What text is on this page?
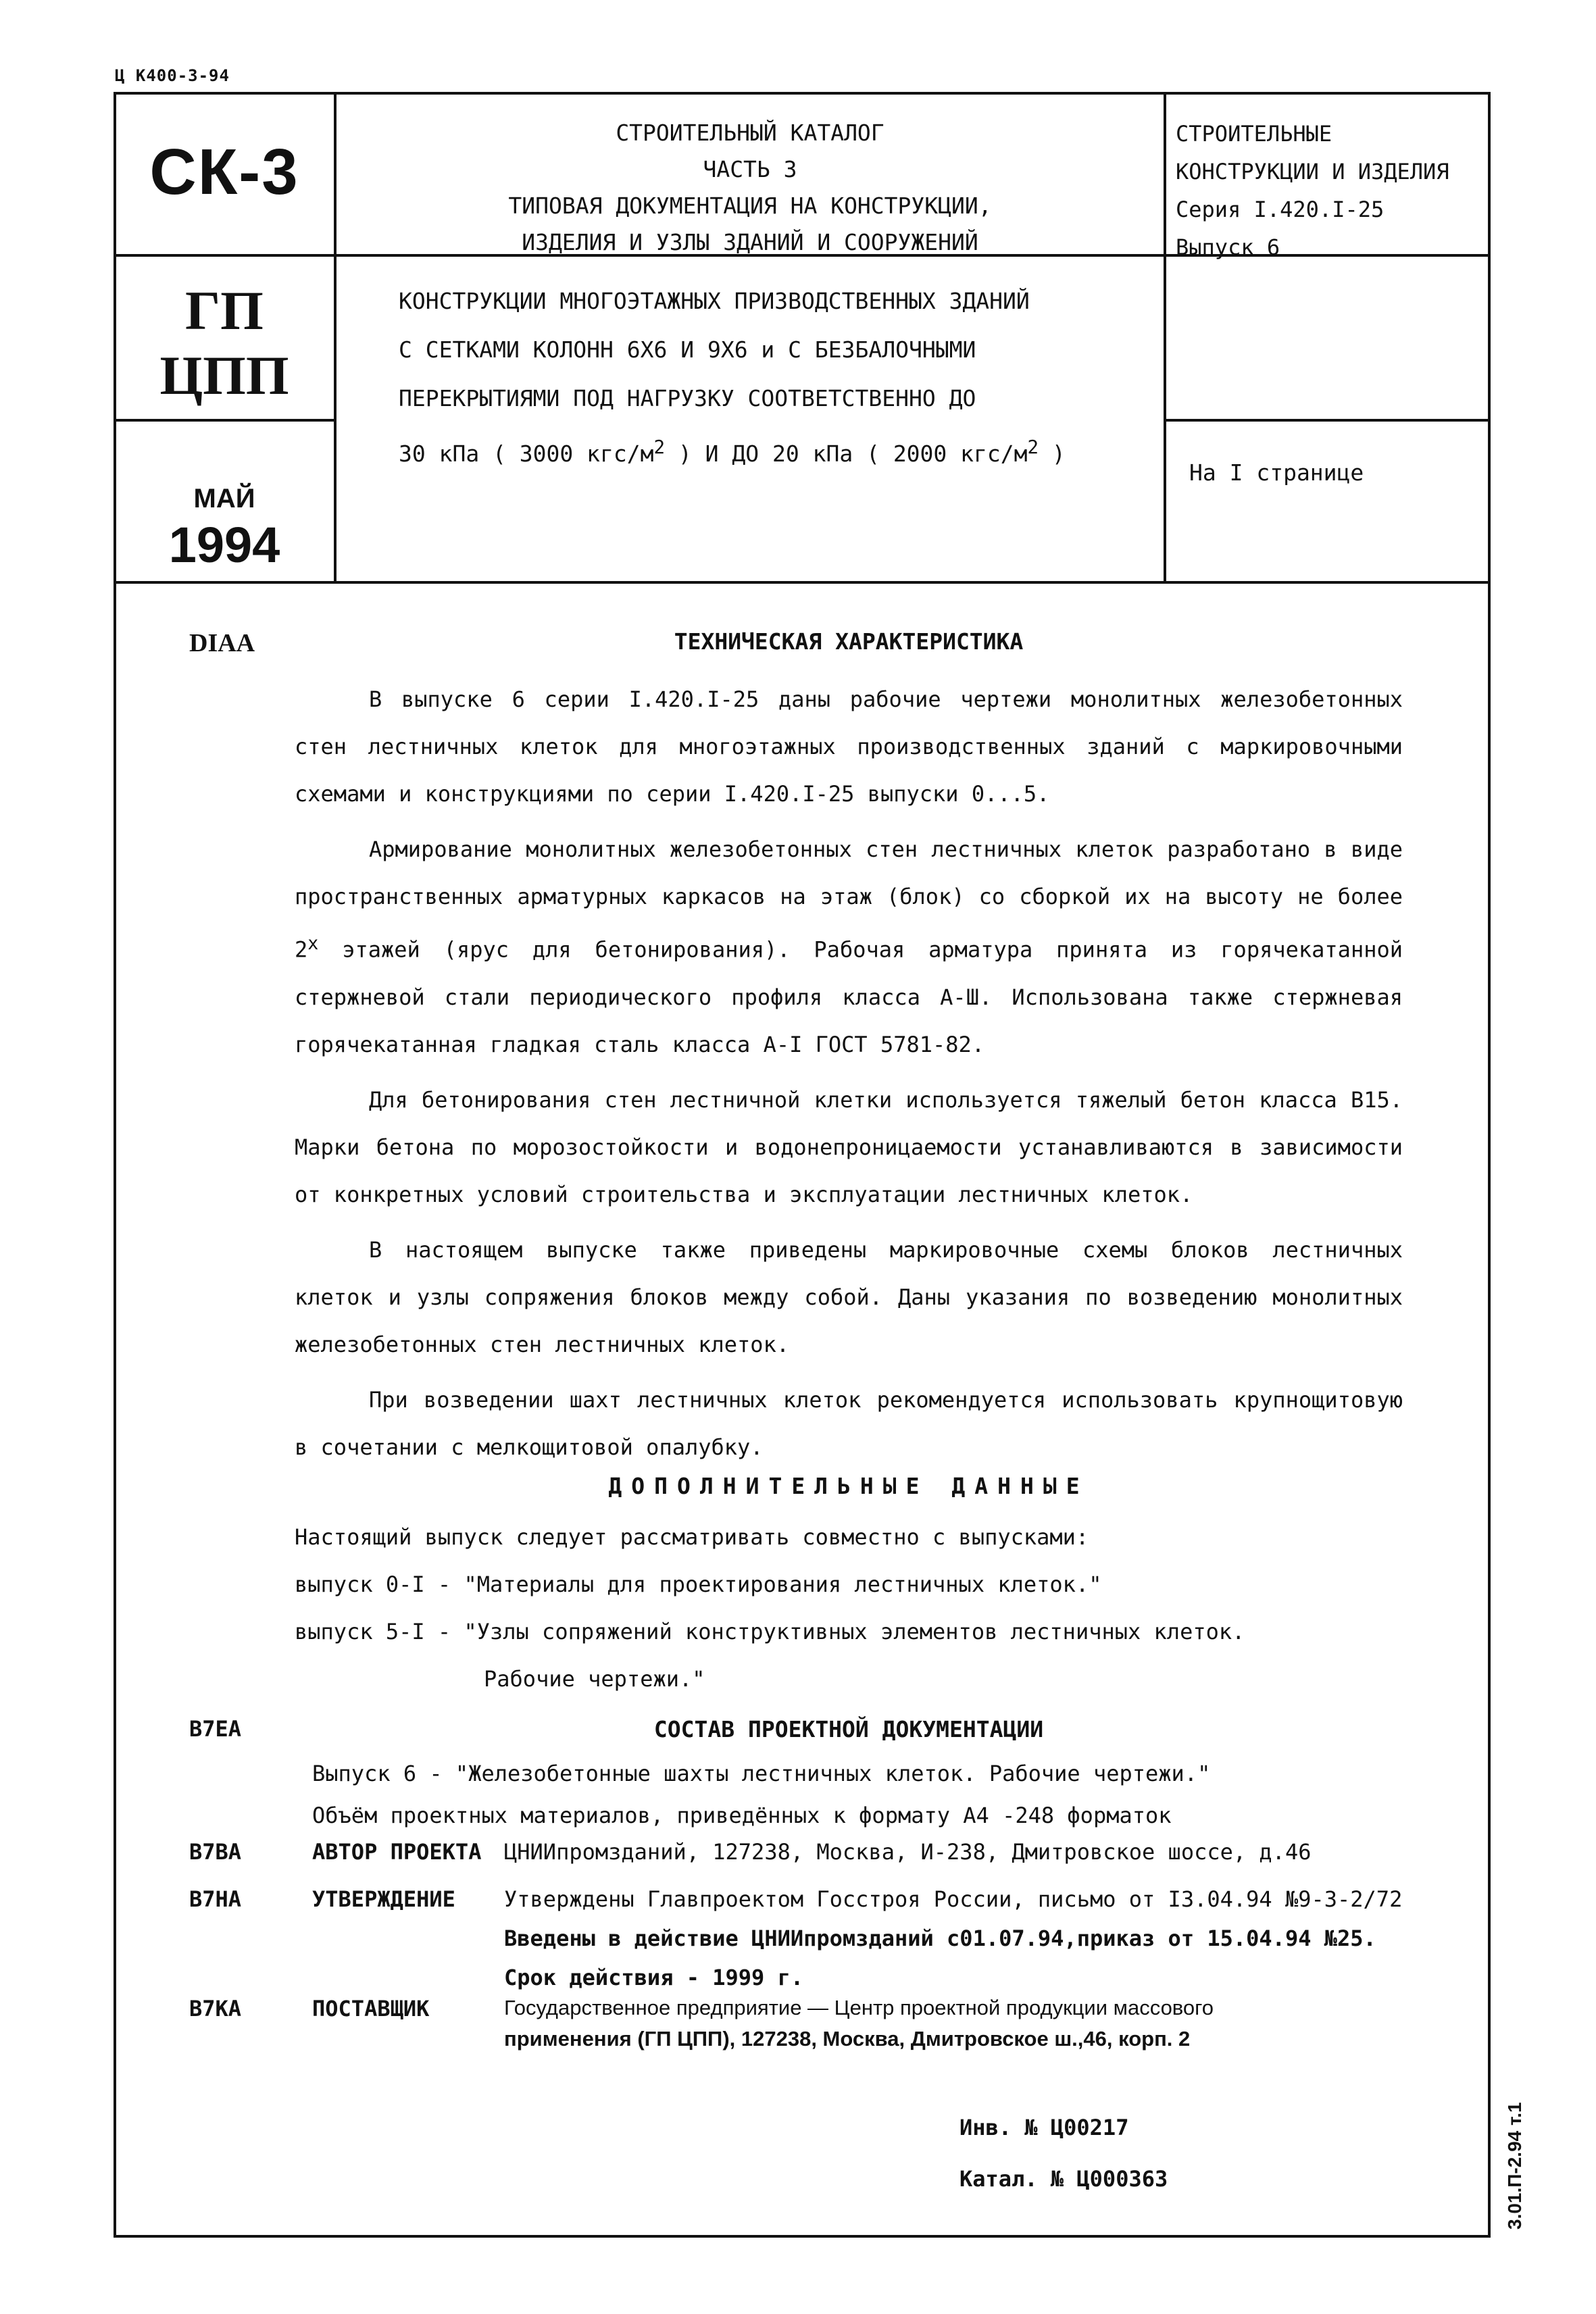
Ц К400-3-94
СК-3
ГП
ЦПП
МАЙ
1994
СТРОИТЕЛЬНЫЙ КАТАЛОГ
ЧАСТЬ 3
ТИПОВАЯ ДОКУМЕНТАЦИЯ НА КОНСТРУКЦИИ,
ИЗДЕЛИЯ И УЗЛЫ ЗДАНИЙ И СООРУЖЕНИЙ
СТРОИТЕЛЬНЫЕ
КОНСТРУКЦИИ И ИЗДЕЛИЯ
Серия I.420.I-25
Выпуск 6
КОНСТРУКЦИИ МНОГОЭТАЖНЫХ ПРИЗВОДСТВЕННЫХ ЗДАНИЙ
С СЕТКАМИ КОЛОНН 6Х6 И 9Х6 и С БЕЗБАЛОЧНЫМИ
ПЕРЕКРЫТИЯМИ ПОД НАГРУЗКУ СООТВЕТСТВЕННО ДО
30 кПа ( 3000 кгс/$м^2$ ) И ДО 20 кПа ( 2000 кгс/$м^2$ )
На I странице
DIAA	ТЕХНИЧЕСКАЯ ХАРАКТЕРИСТИКА

В выпуске 6 серии I.420.I-25 даны рабочие чертежи монолитных железобетонных стен лестничных клеток для многоэтажных производственных зданий с маркировочными схемами и конструкциями по серии I.420.I-25 выпуски 0...5.

Армирование монолитных железобетонных стен лестничных клеток разработано в виде пространственных арматурных каркасов на этаж (блок) со сборкой их на высоту не более $2^х$ этажей (ярус для бетонирования). Рабочая арматура принята из горячекатанной стержневой стали периодического профиля класса А-Ш. Использована также стержневая горячекатанная гладкая сталь класса А-I ГОСТ 5781-82.

Для бетонирования стен лестничной клетки используется тяжелый бетон класса В15. Марки бетона по морозостойкости и водонепроницаемости устанавливаются в зависимости от конкретных условий строительства и эксплуатации лестничных клеток.

В настоящем выпуске также приведены маркировочные схемы блоков лестничных клеток и узлы сопряжения блоков между собой. Даны указания по возведению монолитных железобетонных стен лестничных клеток.

При возведении шахт лестничных клеток рекомендуется использовать крупнощитовую в сочетании с мелкощитовой опалубку.

ДОПОЛНИТЕЛЬНЫЕ ДАННЫЕ
Настоящий выпуск следует рассматривать совместно с выпусками:
выпуск 0-I - "Материалы для проектирования лестничных клеток."
выпуск 5-I - "Узлы сопряжений конструктивных элементов лестничных клеток.
Рабочие чертежи."
В7ЕА	СОСТАВ ПРОЕКТНОЙ ДОКУМЕНТАЦИИ
Выпуск 6 - "Железобетонные шахты лестничных клеток. Рабочие чертежи."
Объём проектных материалов, приведённых к формату А4 -248 форматок
В7ВА	АВТОР ПРОЕКТА ЦНИИпромзданий, 127238, Москва, И-238, Дмитровское шоссе, д.46
В7НА	УТВЕРЖДЕНИЕ Утверждены Главпроектом Госстроя России, письмо от I3.04.94 №9-3-2/72
Введены в действие ЦНИИпромзданий с01.07.94,приказ от 15.04.94 №25.
Срок действия - 1999 г.
В7КА	ПОСТАВЩИК	Государственное предприятие — Центр проектной продукции массового
применения (ГП ЦПП), 127238, Москва, Дмитровское ш.,46, корп. 2
Инв. № Ц00217
Катал. № Ц000363	3.01.П-2.94 т.1
